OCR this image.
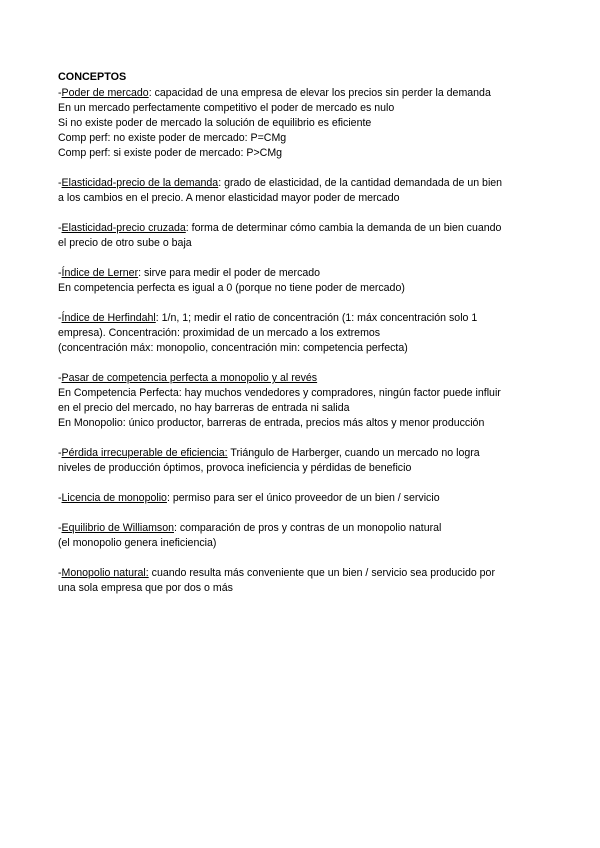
CONCEPTOS

-Poder de mercado: capacidad de una empresa de elevar los precios sin perder la demanda

En un mercado perfectamente competitivo el poder de mercado es nulo

Si no existe poder de mercado la solución de equilibrio es eficiente

Comp perf: no existe poder de mercado: P=CMg

Comp perf: si existe poder de mercado: P>CMg

-Elasticidad-precio de la demanda: grado de elasticidad, de la cantidad demandada de un bien

a los cambios en el precio. A menor elasticidad mayor poder de mercado

-Elasticidad-precio cruzada: forma de determinar cómo cambia la demanda de un bien cuando

el precio de otro sube o baja

-Índice de Lerner: sirve para medir el poder de mercado

En competencia perfecta es igual a 0 (porque no tiene poder de mercado)

-Índice de Herfindahl: 1/n, 1; medir el ratio de concentración (1: máx concentración solo 1

empresa). Concentración: proximidad de un mercado a los extremos

(concentración máx: monopolio, concentración min: competencia perfecta)

-Pasar de competencia perfecta a monopolio y al revés

En Competencia Perfecta: hay muchos vendedores y compradores, ningún factor puede influir

en el precio del mercado, no hay barreras de entrada ni salida

En Monopolio: único productor, barreras de entrada, precios más altos y menor producción

-Pérdida irrecuperable de eficiencia: Triángulo de Harberger, cuando un mercado no logra

niveles de producción óptimos, provoca ineficiencia y pérdidas de beneficio

-Licencia de monopolio: permiso para ser el único proveedor de un bien / servicio

-Equilibrio de Williamson: comparación de pros y contras de un monopolio natural

(el monopolio genera ineficiencia)

-Monopolio natural: cuando resulta más conveniente que un bien / servicio sea producido por

una sola empresa que por dos o más
